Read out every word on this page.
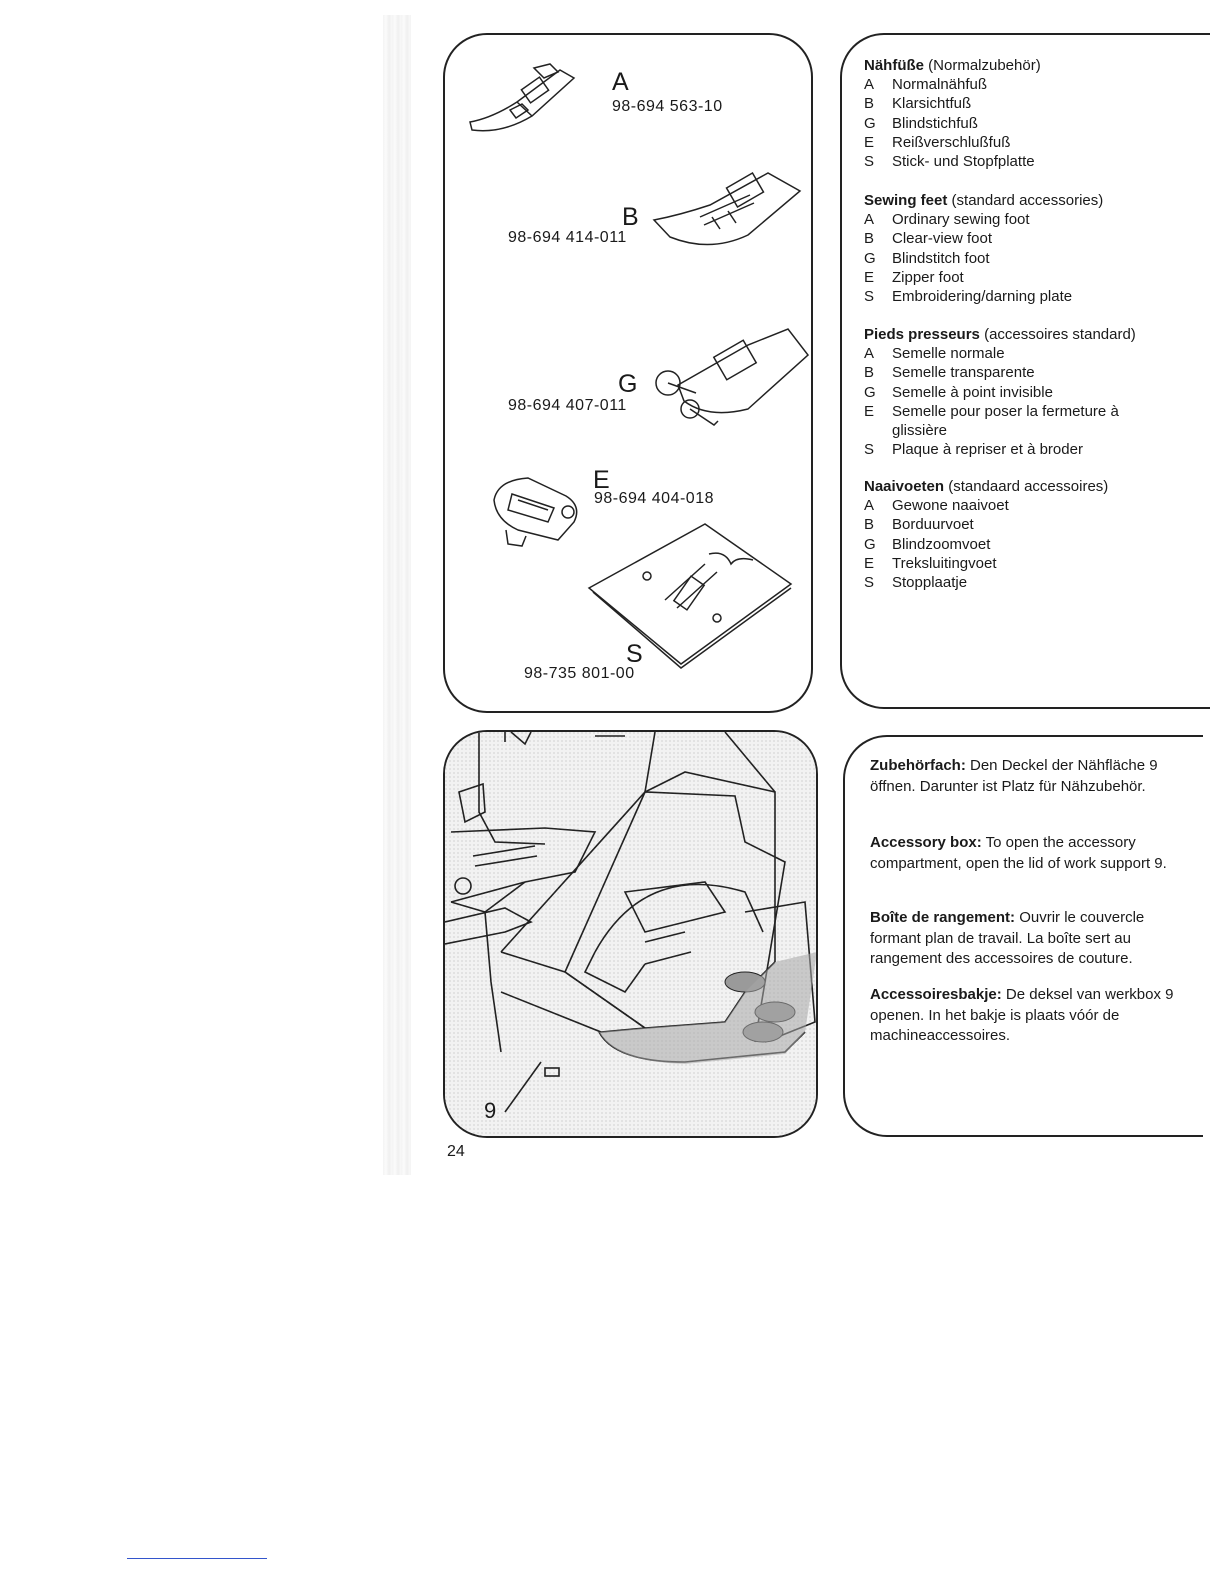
A
98-694 563-10
B
98-694 414-011
G
98-694 407-011
E
98-694 404-018
S
98-735 801-00
Nähfüße (Normalzubehör)
A	Normalnähfuß
B	Klarsichtfuß
G	Blindstichfuß
E	Reißverschlußfuß
S	Stick- und Stopfplatte
Sewing feet (standard accessories)
A	Ordinary sewing foot
B	Clear-view foot
G	Blindstitch foot
E	Zipper foot
S	Embroidering/darning plate
Pieds presseurs (accessoires standard)
A	Semelle normale
B	Semelle transparente
G	Semelle à point invisible
E	Semelle pour poser la fermeture à glissière
S	Plaque à repriser et à broder
Naaivoeten (standaard accessoires)
A	Gewone naaivoet
B	Borduurvoet
G	Blindzoomvoet
E	Treksluitingvoet
S	Stopplaatje
9
Zubehörfach: Den Deckel der Nähfläche 9 öffnen. Darunter ist Platz für Nähzubehör.
Accessory box: To open the accessory compartment, open the lid of work support 9.
Boîte de rangement: Ouvrir le couvercle formant plan de travail. La boîte sert au rangement des accessoires de couture.
Accessoiresbakje: De deksel van werkbox 9 openen. In het bakje is plaats vóór de machineaccessoires.
24
